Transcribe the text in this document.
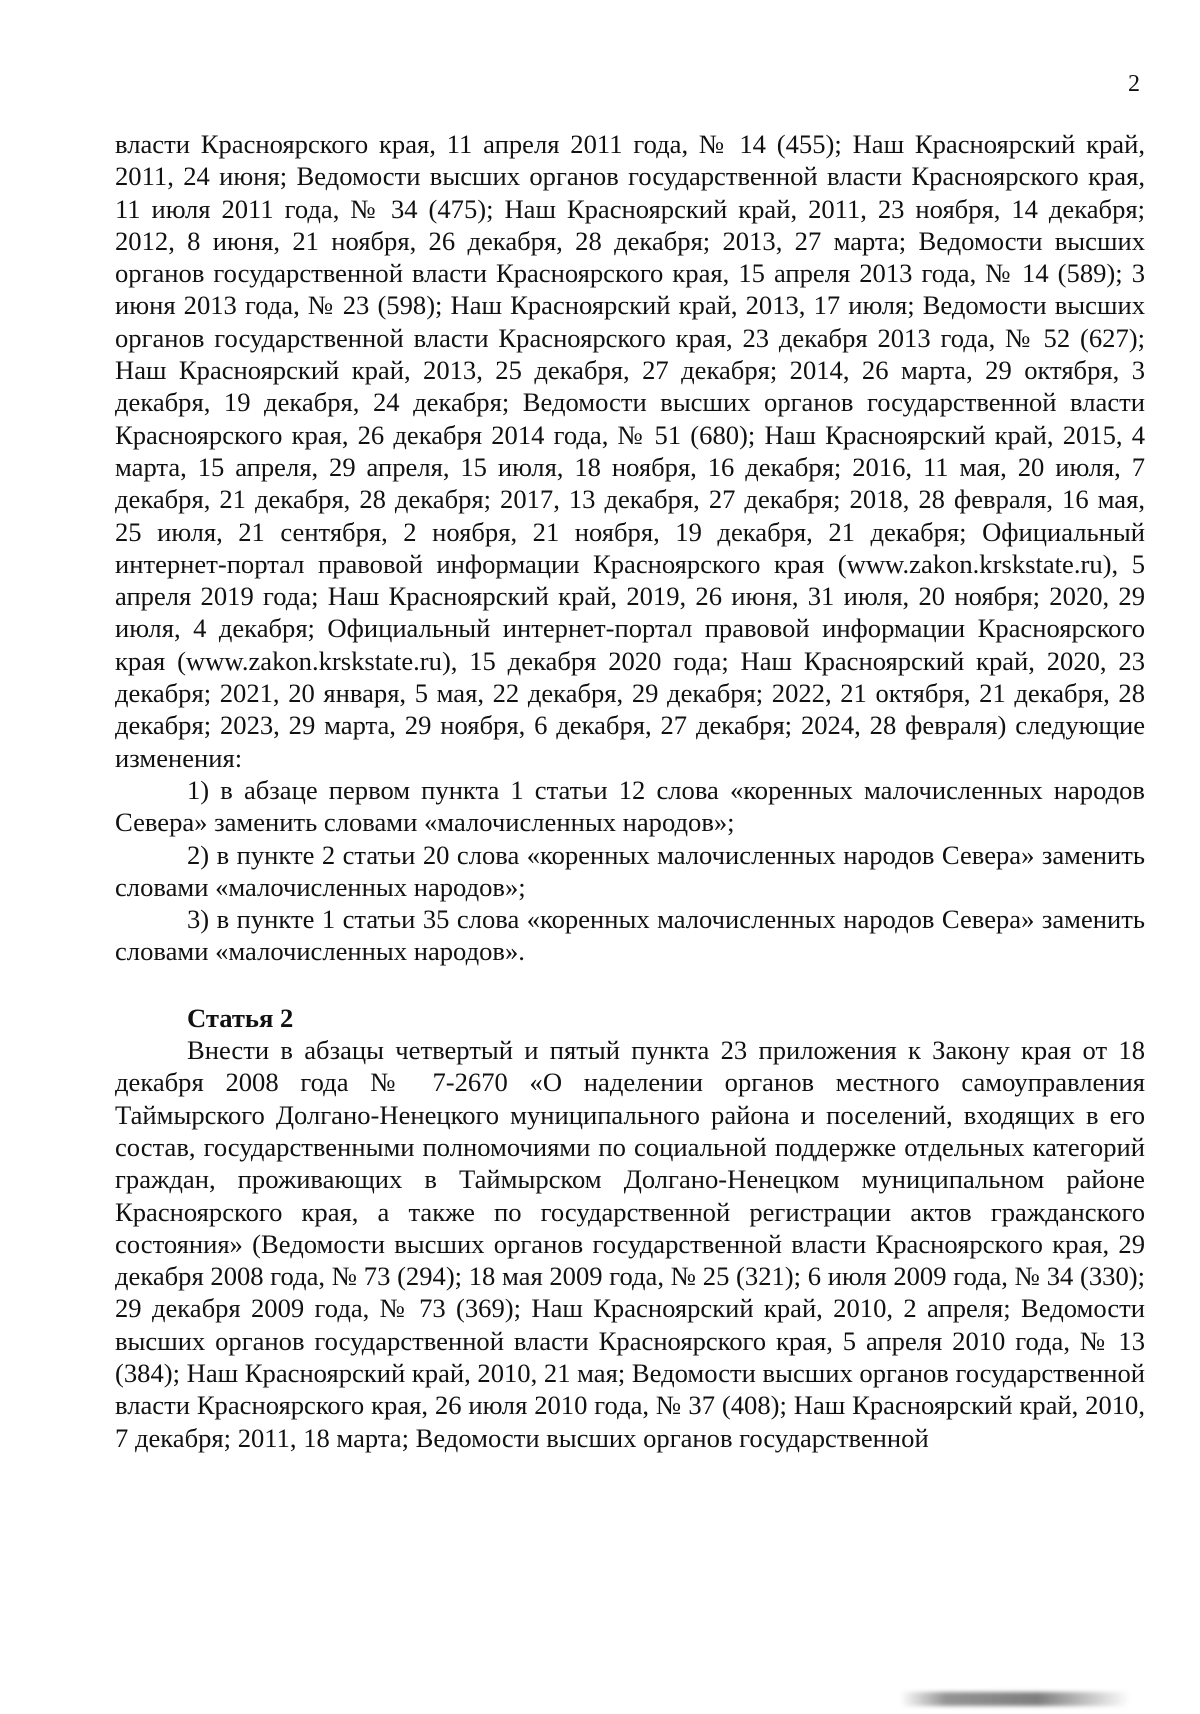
2

власти Красноярского края, 11 апреля 2011 года, № 14 (455); Наш Красноярский край, 2011, 24 июня; Ведомости высших органов государственной власти Красноярского края, 11 июля 2011 года, № 34 (475); Наш Красноярский край, 2011, 23 ноября, 14 декабря; 2012, 8 июня, 21 ноября, 26 декабря, 28 декабря; 2013, 27 марта; Ведомости высших органов государственной власти Красноярского края, 15 апреля 2013 года, № 14 (589); 3 июня 2013 года, № 23 (598); Наш Красноярский край, 2013, 17 июля; Ведомости высших органов государственной власти Красноярского края, 23 декабря 2013 года, № 52 (627); Наш Красноярский край, 2013, 25 декабря, 27 декабря; 2014, 26 марта, 29 октября, 3 декабря, 19 декабря, 24 декабря; Ведомости высших органов государственной власти Красноярского края, 26 декабря 2014 года, № 51 (680); Наш Красноярский край, 2015, 4 марта, 15 апреля, 29 апреля, 15 июля, 18 ноября, 16 декабря; 2016, 11 мая, 20 июля, 7 декабря, 21 декабря, 28 декабря; 2017, 13 декабря, 27 декабря; 2018, 28 февраля, 16 мая, 25 июля, 21 сентября, 2 ноября, 21 ноября, 19 декабря, 21 декабря; Официальный интернет-портал правовой информации Красноярского края (www.zakon.krskstate.ru), 5 апреля 2019 года; Наш Красноярский край, 2019, 26 июня, 31 июля, 20 ноября; 2020, 29 июля, 4 декабря; Официальный интернет-портал правовой информации Красноярского края (www.zakon.krskstate.ru), 15 декабря 2020 года; Наш Красноярский край, 2020, 23 декабря; 2021, 20 января, 5 мая, 22 декабря, 29 декабря; 2022, 21 октября, 21 декабря, 28 декабря; 2023, 29 марта, 29 ноября, 6 декабря, 27 декабря; 2024, 28 февраля) следующие изменения:

1) в абзаце первом пункта 1 статьи 12 слова «коренных малочисленных народов Севера» заменить словами «малочисленных народов»;

2) в пункте 2 статьи 20 слова «коренных малочисленных народов Севера» заменить словами «малочисленных народов»;

3) в пункте 1 статьи 35 слова «коренных малочисленных народов Севера» заменить словами «малочисленных народов».

Статья 2

Внести в абзацы четвертый и пятый пункта 23 приложения к Закону края от 18 декабря 2008 года № 7-2670 «О наделении органов местного самоуправления Таймырского Долгано-Ненецкого муниципального района и поселений, входящих в его состав, государственными полномочиями по социальной поддержке отдельных категорий граждан, проживающих в Таймырском Долгано-Ненецком муниципальном районе Красноярского края, а также по государственной регистрации актов гражданского состояния» (Ведомости высших органов государственной власти Красноярского края, 29 декабря 2008 года, № 73 (294); 18 мая 2009 года, № 25 (321); 6 июля 2009 года, № 34 (330); 29 декабря 2009 года, № 73 (369); Наш Красноярский край, 2010, 2 апреля; Ведомости высших органов государственной власти Красноярского края, 5 апреля 2010 года, № 13 (384); Наш Красноярский край, 2010, 21 мая; Ведомости высших органов государственной власти Красноярского края, 26 июля 2010 года, № 37 (408); Наш Красноярский край, 2010, 7 декабря; 2011, 18 марта; Ведомости высших органов государственной
